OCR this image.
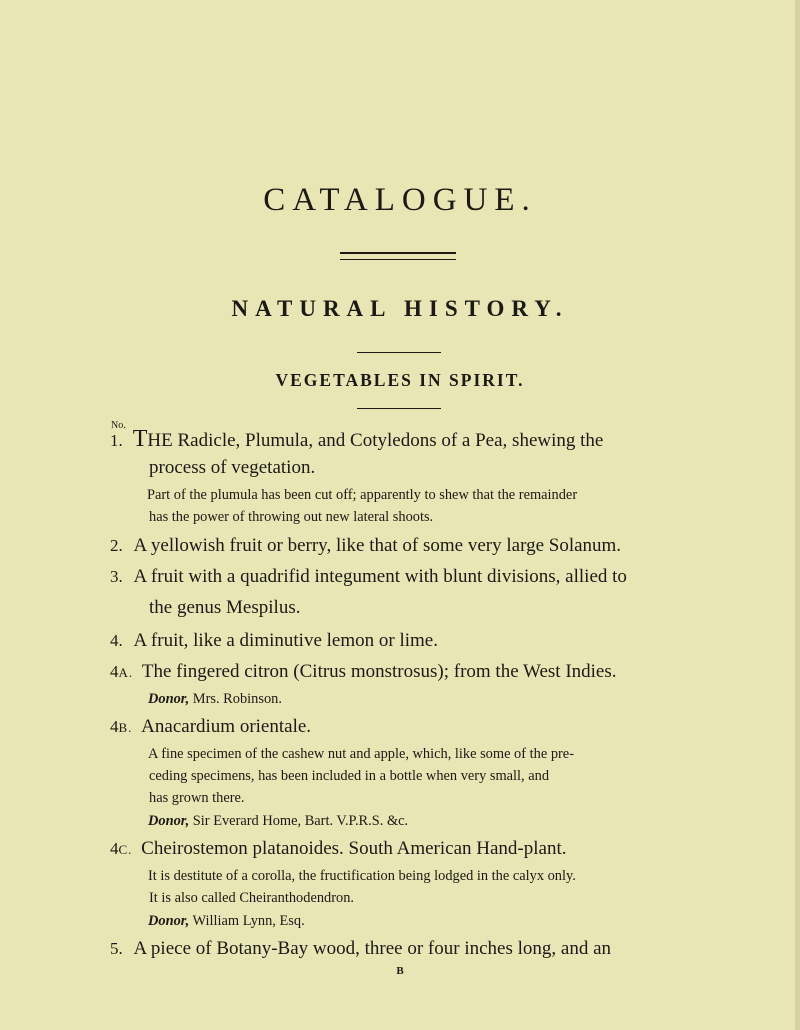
CATALOGUE.
NATURAL HISTORY.
VEGETABLES IN SPIRIT.
No.
1. THE Radicle, Plumula, and Cotyledons of a Pea, shewing the
process of vegetation.
Part of the plumula has been cut off; apparently to shew that the remainder
has the power of throwing out new lateral shoots.
2. A yellowish fruit or berry, like that of some very large Solanum.
3. A fruit with a quadrifid integument with blunt divisions, allied to
the genus Mespilus.
4. A fruit, like a diminutive lemon or lime.
4A. The fingered citron (Citrus monstrosus); from the West Indies.
Donor, Mrs. Robinson.
4B. Anacardium orientale.
A fine specimen of the cashew nut and apple, which, like some of the pre-
ceding specimens, has been included in a bottle when very small, and
has grown there.
Donor, Sir Everard Home, Bart. V.P.R.S. &c.
4C. Cheirostemon platanoides. South American Hand-plant.
It is destitute of a corolla, the fructification being lodged in the calyx only.
It is also called Cheiranthodendron.
Donor, William Lynn, Esq.
5. A piece of Botany-Bay wood, three or four inches long, and an
B
